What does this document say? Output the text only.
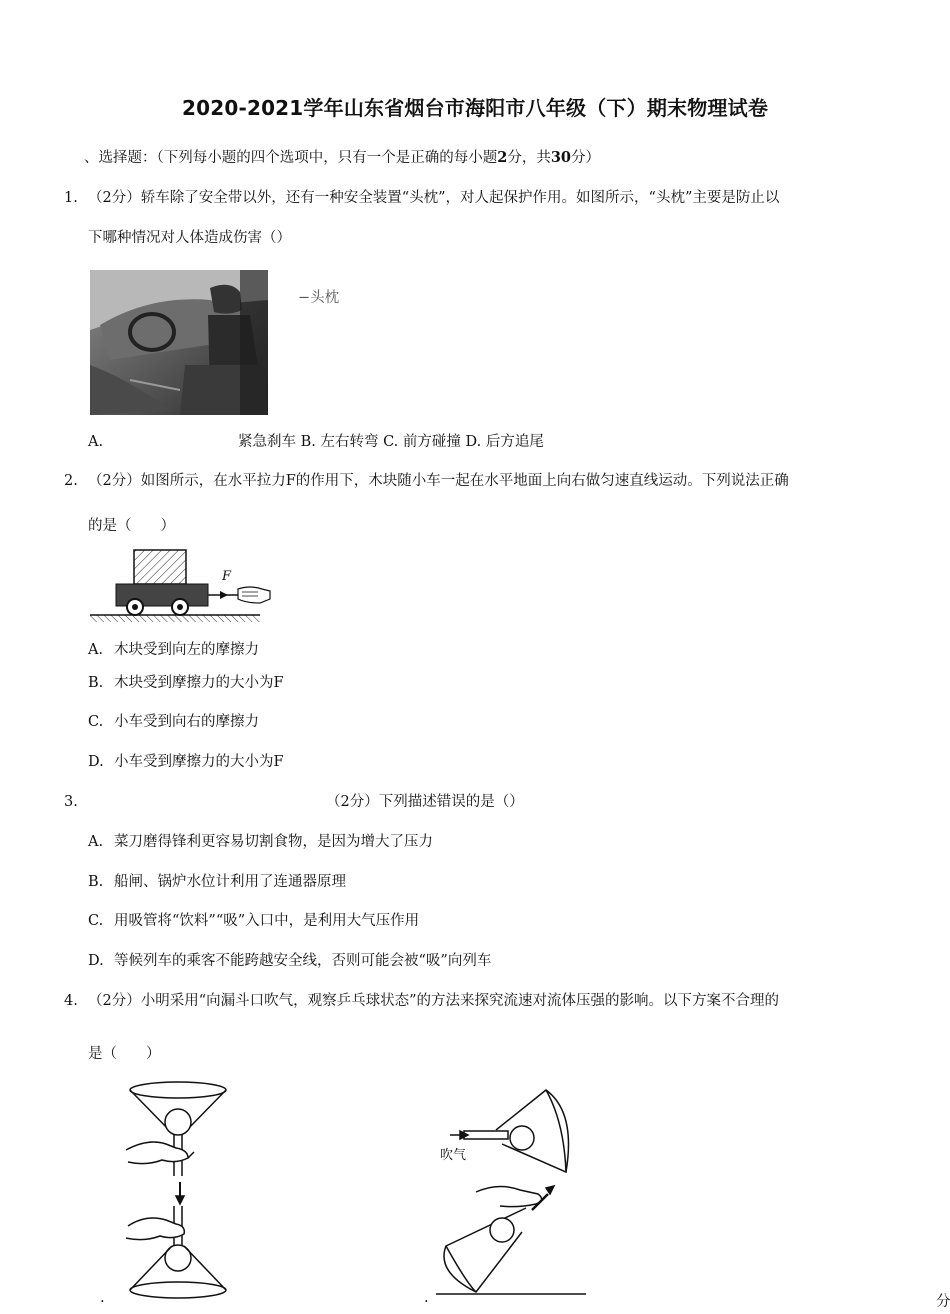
2020-2021学年山东省烟台市海阳市八年级（下）期末物理试卷
、选择题：（下列每小题的四个选项中，只有一个是正确的每小题2分，共30分）
1. （2分）轿车除了安全带以外，还有一种安全装置“头枕”，对人起保护作用。如图所示，“头枕”主要是防止以
下哪种情况对人体造成伤害（）
−头枕
A.	紧急刹车 B. 左右转弯 C. 前方碰撞 D. 后方追尾
2. （2分）如图所示，在水平拉力F的作用下，木块随小车一起在水平地面上向右做匀速直线运动。下列说法正确
的是（　　）
F
A．木块受到向左的摩擦力
B. 木块受到摩擦力的大小为F
C. 小车受到向右的摩擦力
D. 小车受到摩擦力的大小为F
3.	（2分）下列描述错误的是（）
A. 菜刀磨得锋利更容易切割食物，是因为增大了压力
B. 船闸、锅炉水位计利用了连通器原理
C. 用吸管将“饮料”“吸”入口中，是利用大气压作用
D. 等候列车的乘客不能跨越安全线，否则可能会被“吸”向列车
4. （2分）小明采用“向漏斗口吹气，观察乒乓球状态”的方法来探究流速对流体压强的影响。以下方案不合理的
是（　　）
.
吹气
.	分
